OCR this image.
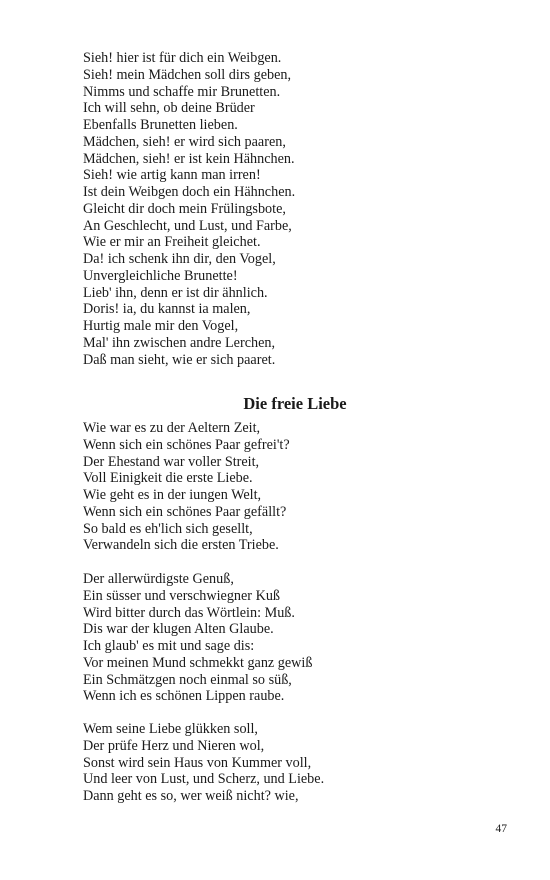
Sieh! hier ist für dich ein Weibgen.
Sieh! mein Mädchen soll dirs geben,
Nimms und schaffe mir Brunetten.
Ich will sehn, ob deine Brüder
Ebenfalls Brunetten lieben.
Mädchen, sieh! er wird sich paaren,
Mädchen, sieh! er ist kein Hähnchen.
Sieh! wie artig kann man irren!
Ist dein Weibgen doch ein Hähnchen.
Gleicht dir doch mein Frülingsbote,
An Geschlecht, und Lust, und Farbe,
Wie er mir an Freiheit gleichet.
Da! ich schenk ihn dir, den Vogel,
Unvergleichliche Brunette!
Lieb' ihn, denn er ist dir ähnlich.
Doris! ia, du kannst ia malen,
Hurtig male mir den Vogel,
Mal' ihn zwischen andre Lerchen,
Daß man sieht, wie er sich paaret.
Die freie Liebe
Wie war es zu der Aeltern Zeit,
Wenn sich ein schönes Paar gefrei't?
Der Ehestand war voller Streit,
Voll Einigkeit die erste Liebe.
Wie geht es in der iungen Welt,
Wenn sich ein schönes Paar gefällt?
So bald es eh'lich sich gesellt,
Verwandeln sich die ersten Triebe.
Der allerwürdigste Genuß,
Ein süsser und verschwiegner Kuß
Wird bitter durch das Wörtlein: Muß.
Dis war der klugen Alten Glaube.
Ich glaub' es mit und sage dis:
Vor meinen Mund schmekkt ganz gewiß
Ein Schmätzgen noch einmal so süß,
Wenn ich es schönen Lippen raube.
Wem seine Liebe glükken soll,
Der prüfe Herz und Nieren wol,
Sonst wird sein Haus von Kummer voll,
Und leer von Lust, und Scherz, und Liebe.
Dann geht es so, wer weiß nicht? wie,
47
